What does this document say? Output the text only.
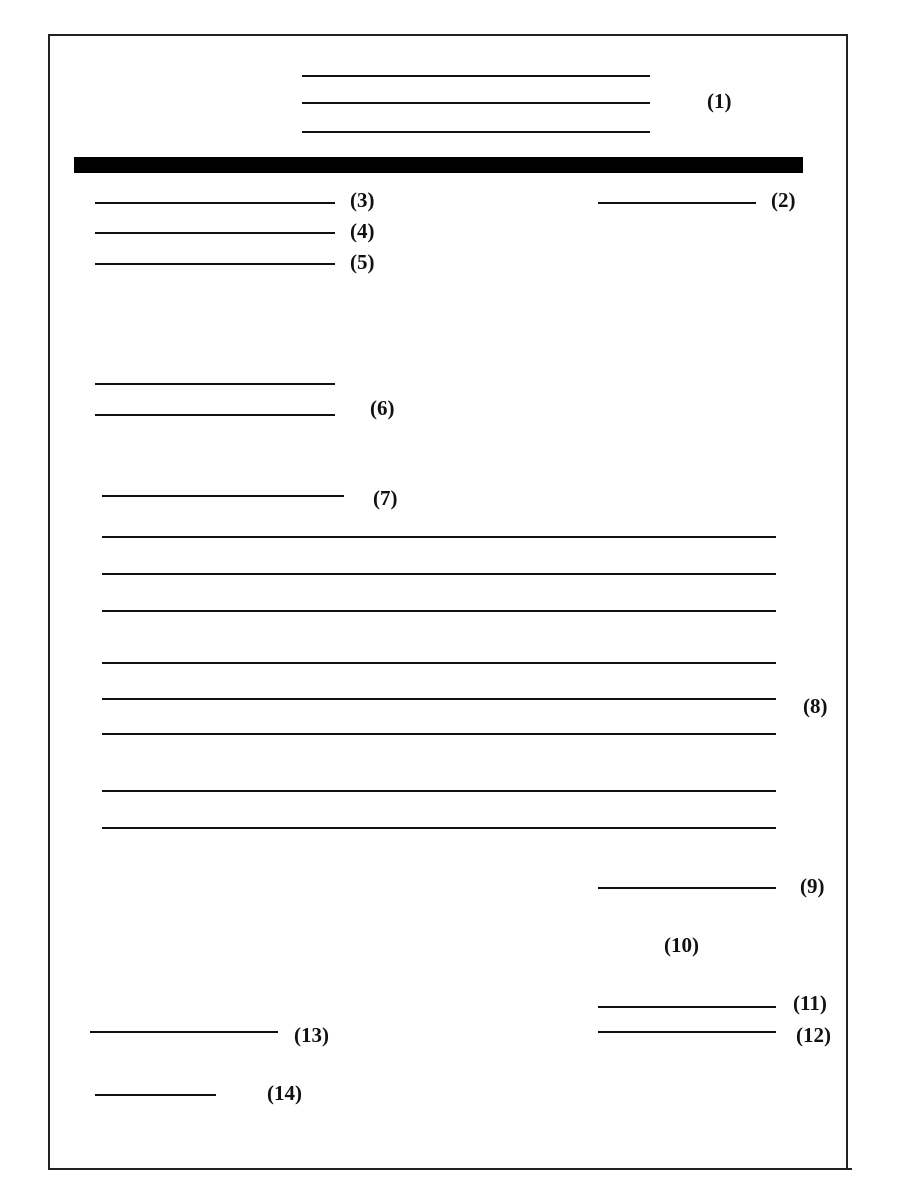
(1)
(2)
(3)
(4)
(5)
(6)
(7)
(8)
(9)
(10)
(11)
(12)
(13)
(14)
